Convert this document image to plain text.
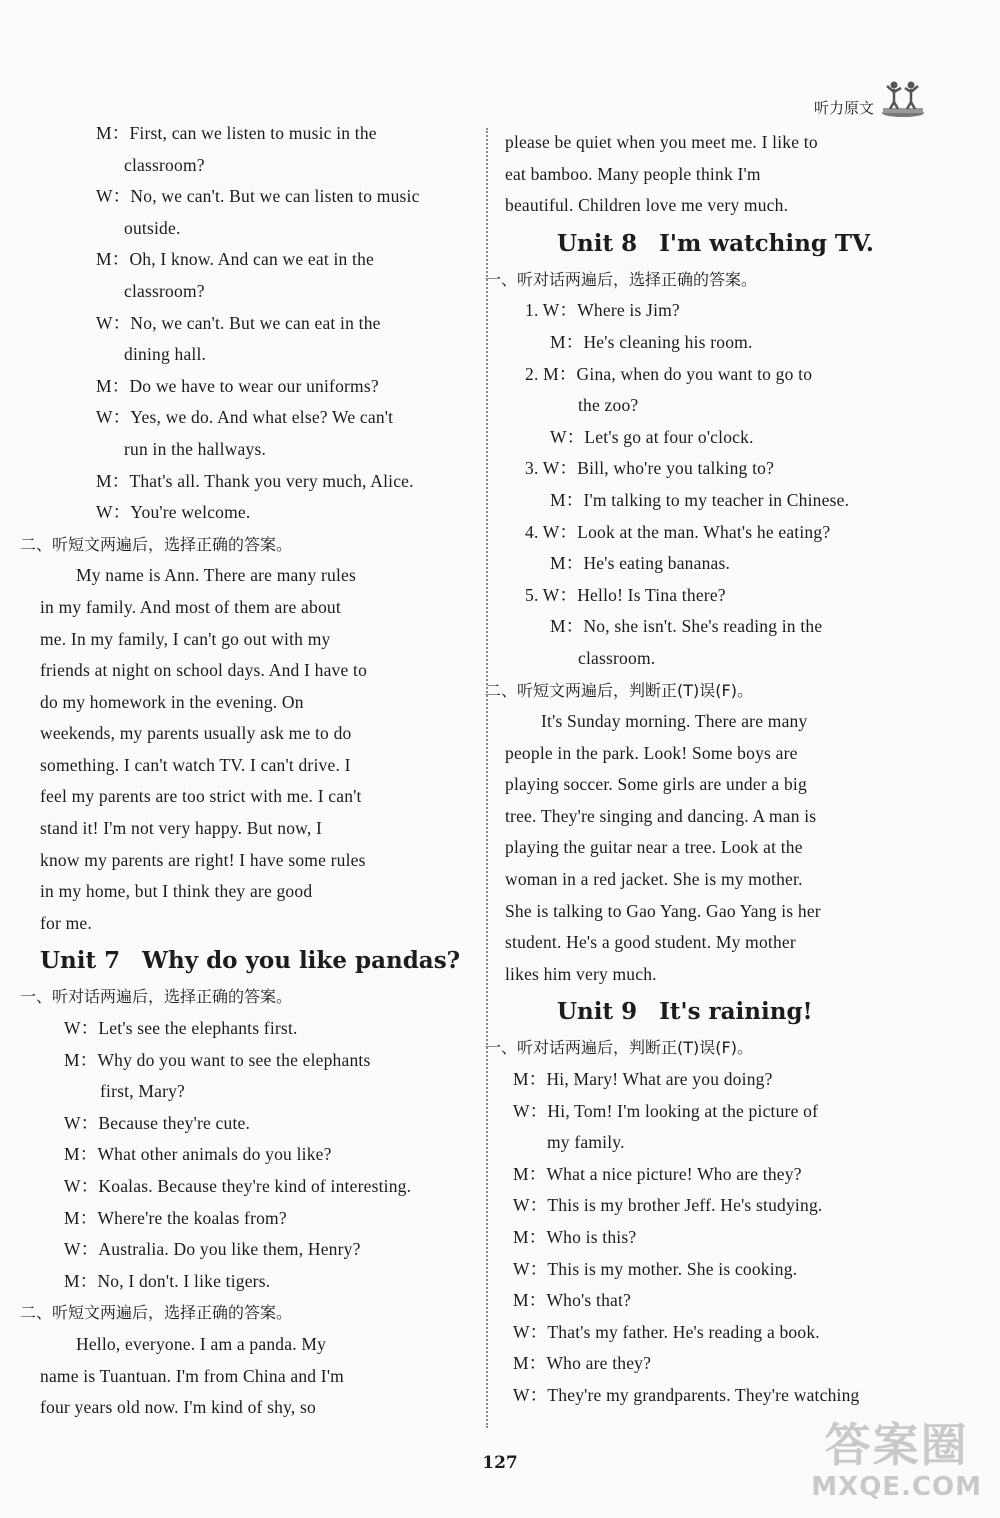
听力原文
M：First, can we listen to music in the
classroom?
W：No, we can't. But we can listen to music
outside.
M：Oh, I know. And can we eat in the
classroom?
W：No, we can't. But we can eat in the
dining hall.
M：Do we have to wear our uniforms?
W：Yes, we do. And what else? We can't
run in the hallways.
M：That's all. Thank you very much, Alice.
W：You're welcome.
二、听短文两遍后，选择正确的答案。
My name is Ann. There are many rules
in my family. And most of them are about
me. In my family, I can't go out with my
friends at night on school days. And I have to
do my homework in the evening. On
weekends, my parents usually ask me to do
something. I can't watch TV. I can't drive. I
feel my parents are too strict with me. I can't
stand it! I'm not very happy. But now, I
know my parents are right! I have some rules
in my home, but I think they are good
for me.
Unit 7 Why do you like pandas?
一、听对话两遍后，选择正确的答案。
W：Let's see the elephants first.
M：Why do you want to see the elephants
first, Mary?
W：Because they're cute.
M：What other animals do you like?
W：Koalas. Because they're kind of interesting.
M：Where're the koalas from?
W：Australia. Do you like them, Henry?
M：No, I don't. I like tigers.
二、听短文两遍后，选择正确的答案。
Hello, everyone. I am a panda. My
name is Tuantuan. I'm from China and I'm
four years old now. I'm kind of shy, so
please be quiet when you meet me. I like to
eat bamboo. Many people think I'm
beautiful. Children love me very much.
Unit 8 I'm watching TV.
一、听对话两遍后，选择正确的答案。
1. W：Where is Jim?
M：He's cleaning his room.
2. M：Gina, when do you want to go to
the zoo?
W：Let's go at four o'clock.
3. W：Bill, who're you talking to?
M：I'm talking to my teacher in Chinese.
4. W：Look at the man. What's he eating?
M：He's eating bananas.
5. W：Hello! Is Tina there?
M：No, she isn't. She's reading in the
classroom.
二、听短文两遍后，判断正(T)误(F)。
It's Sunday morning. There are many
people in the park. Look! Some boys are
playing soccer. Some girls are under a big
tree. They're singing and dancing. A man is
playing the guitar near a tree. Look at the
woman in a red jacket. She is my mother.
She is talking to Gao Yang. Gao Yang is her
student. He's a good student. My mother
likes him very much.
Unit 9 It's raining!
一、听对话两遍后，判断正(T)误(F)。
M：Hi, Mary! What are you doing?
W：Hi, Tom! I'm looking at the picture of
my family.
M：What a nice picture! Who are they?
W：This is my brother Jeff. He's studying.
M：Who is this?
W：This is my mother. She is cooking.
M：Who's that?
W：That's my father. He's reading a book.
M：Who are they?
W：They're my grandparents. They're watching
127	答案圈
MXQE.COM
